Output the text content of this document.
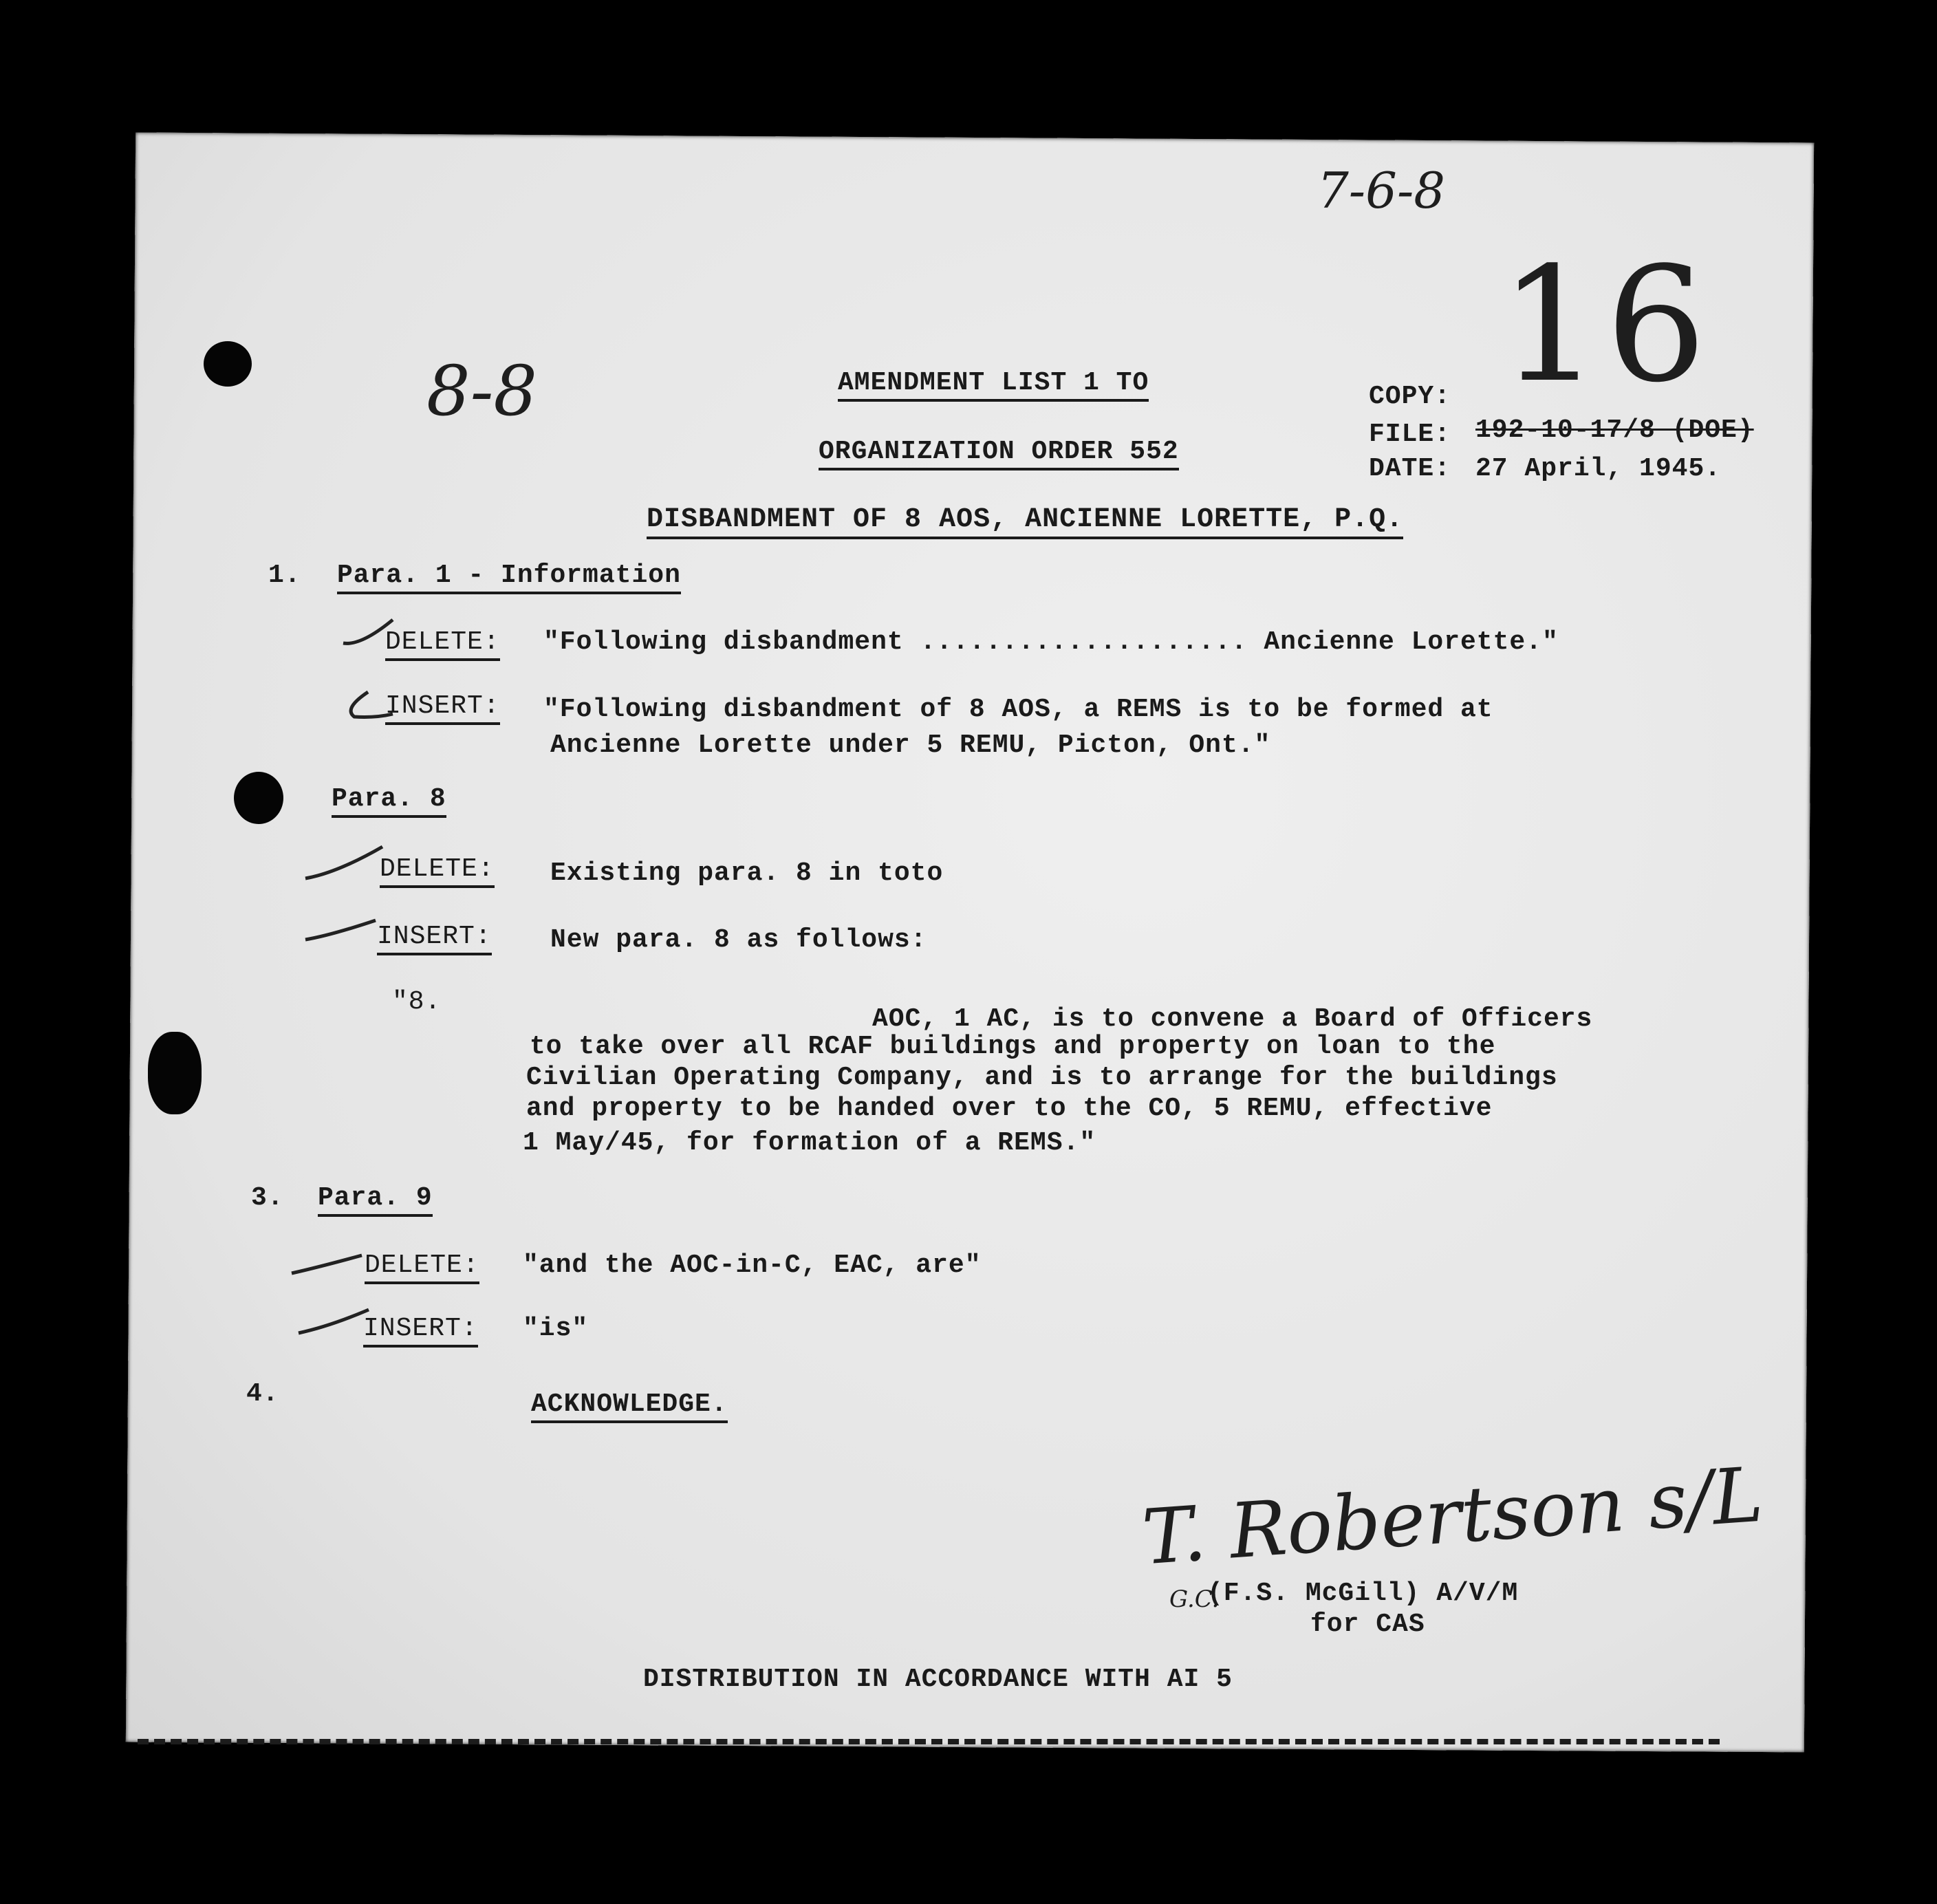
7-6-8
16
8-8	AMENDMENT LIST 1 TO
ORGANIZATION ORDER 552
DISBANDMENT OF 8 AOS, ANCIENNE LORETTE, P.Q.
COPY:
FILE: 192-10-17/8 (DOE)
DATE: 27 April, 1945.
1. Para. 1 - Information
DELETE: "Following disbandment .................... Ancienne Lorette."
INSERT: "Following disbandment of 8 AOS, a REMS is to be formed at
Ancienne Lorette under 5 REMU, Picton, Ont."
Para. 8
DELETE: Existing para. 8 in toto
INSERT: New para. 8 as follows:
"8.
AOC, 1 AC, is to convene a Board of Officers
to take over all RCAF buildings and property on loan to the
Civilian Operating Company, and is to arrange for the buildings
and property to be handed over to the CO, 5 REMU, effective
1 May/45, for formation of a REMS."
3. Para. 9
DELETE: "and the AOC-in-C, EAC, are"
INSERT: "is"
4.	ACKNOWLEDGE.
T. Robertson s/L
G.C.
(F.S. McGill) A/V/M
for CAS
DISTRIBUTION IN ACCORDANCE WITH AI 5
